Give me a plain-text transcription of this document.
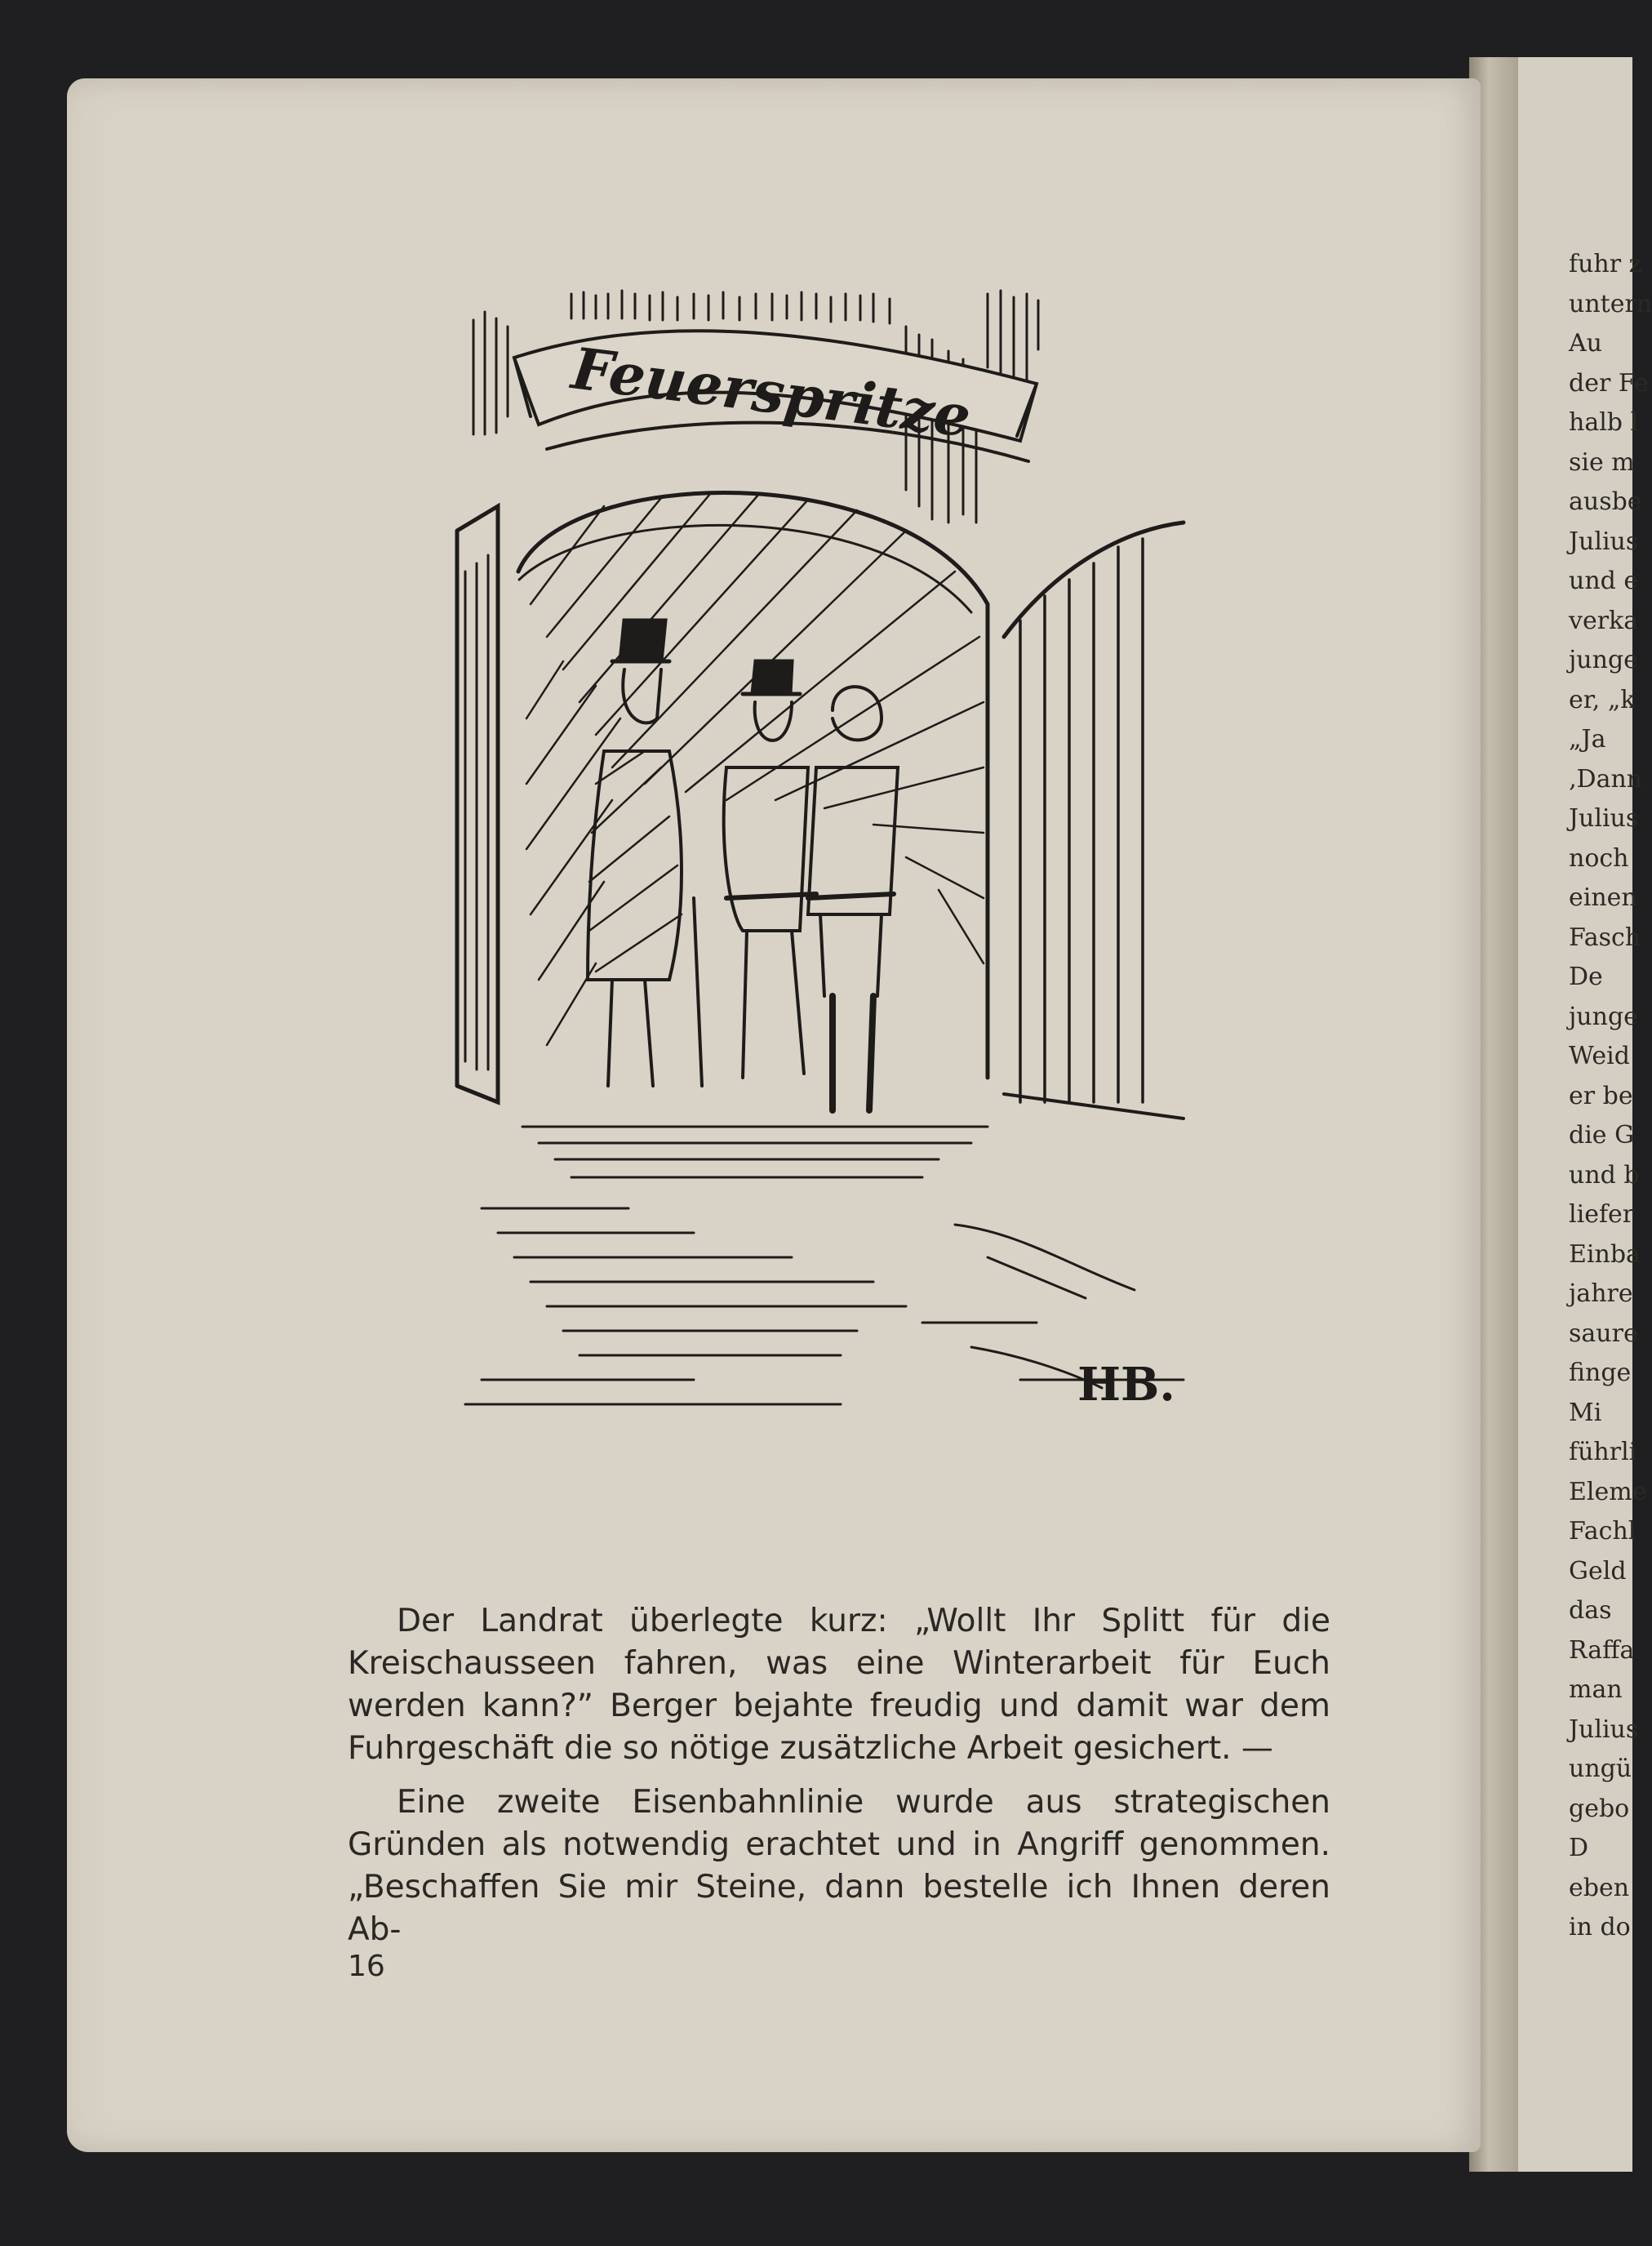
fuhr z
untern
Au
der Fe
halb l
sie m
ausbe
Julius
und e
verka
junge
er, „k
„Ja
‚Dann
Julius
noch
einen
Fasch
De
junge
Weid
er be
die G
und b
liefer
Einba
jahre
saure
finge
Mi
führli
Eleme
Fachl
Geld
das
Raffa
man
Julius
ungü
gebo
D
eben
in do
Feuerspritze
HB.

Der Landrat überlegte kurz: „Wollt Ihr Splitt für die Kreischausseen fahren, was eine Winterarbeit für Euch werden kann?” Berger bejahte freudig und damit war dem Fuhrgeschäft die so nötige zusätzliche Arbeit gesichert. —

Eine zweite Eisenbahnlinie wurde aus strategischen Gründen als notwendig erachtet und in Angriff genommen. „Beschaffen Sie mir Steine, dann bestelle ich Ihnen deren Ab-

16
